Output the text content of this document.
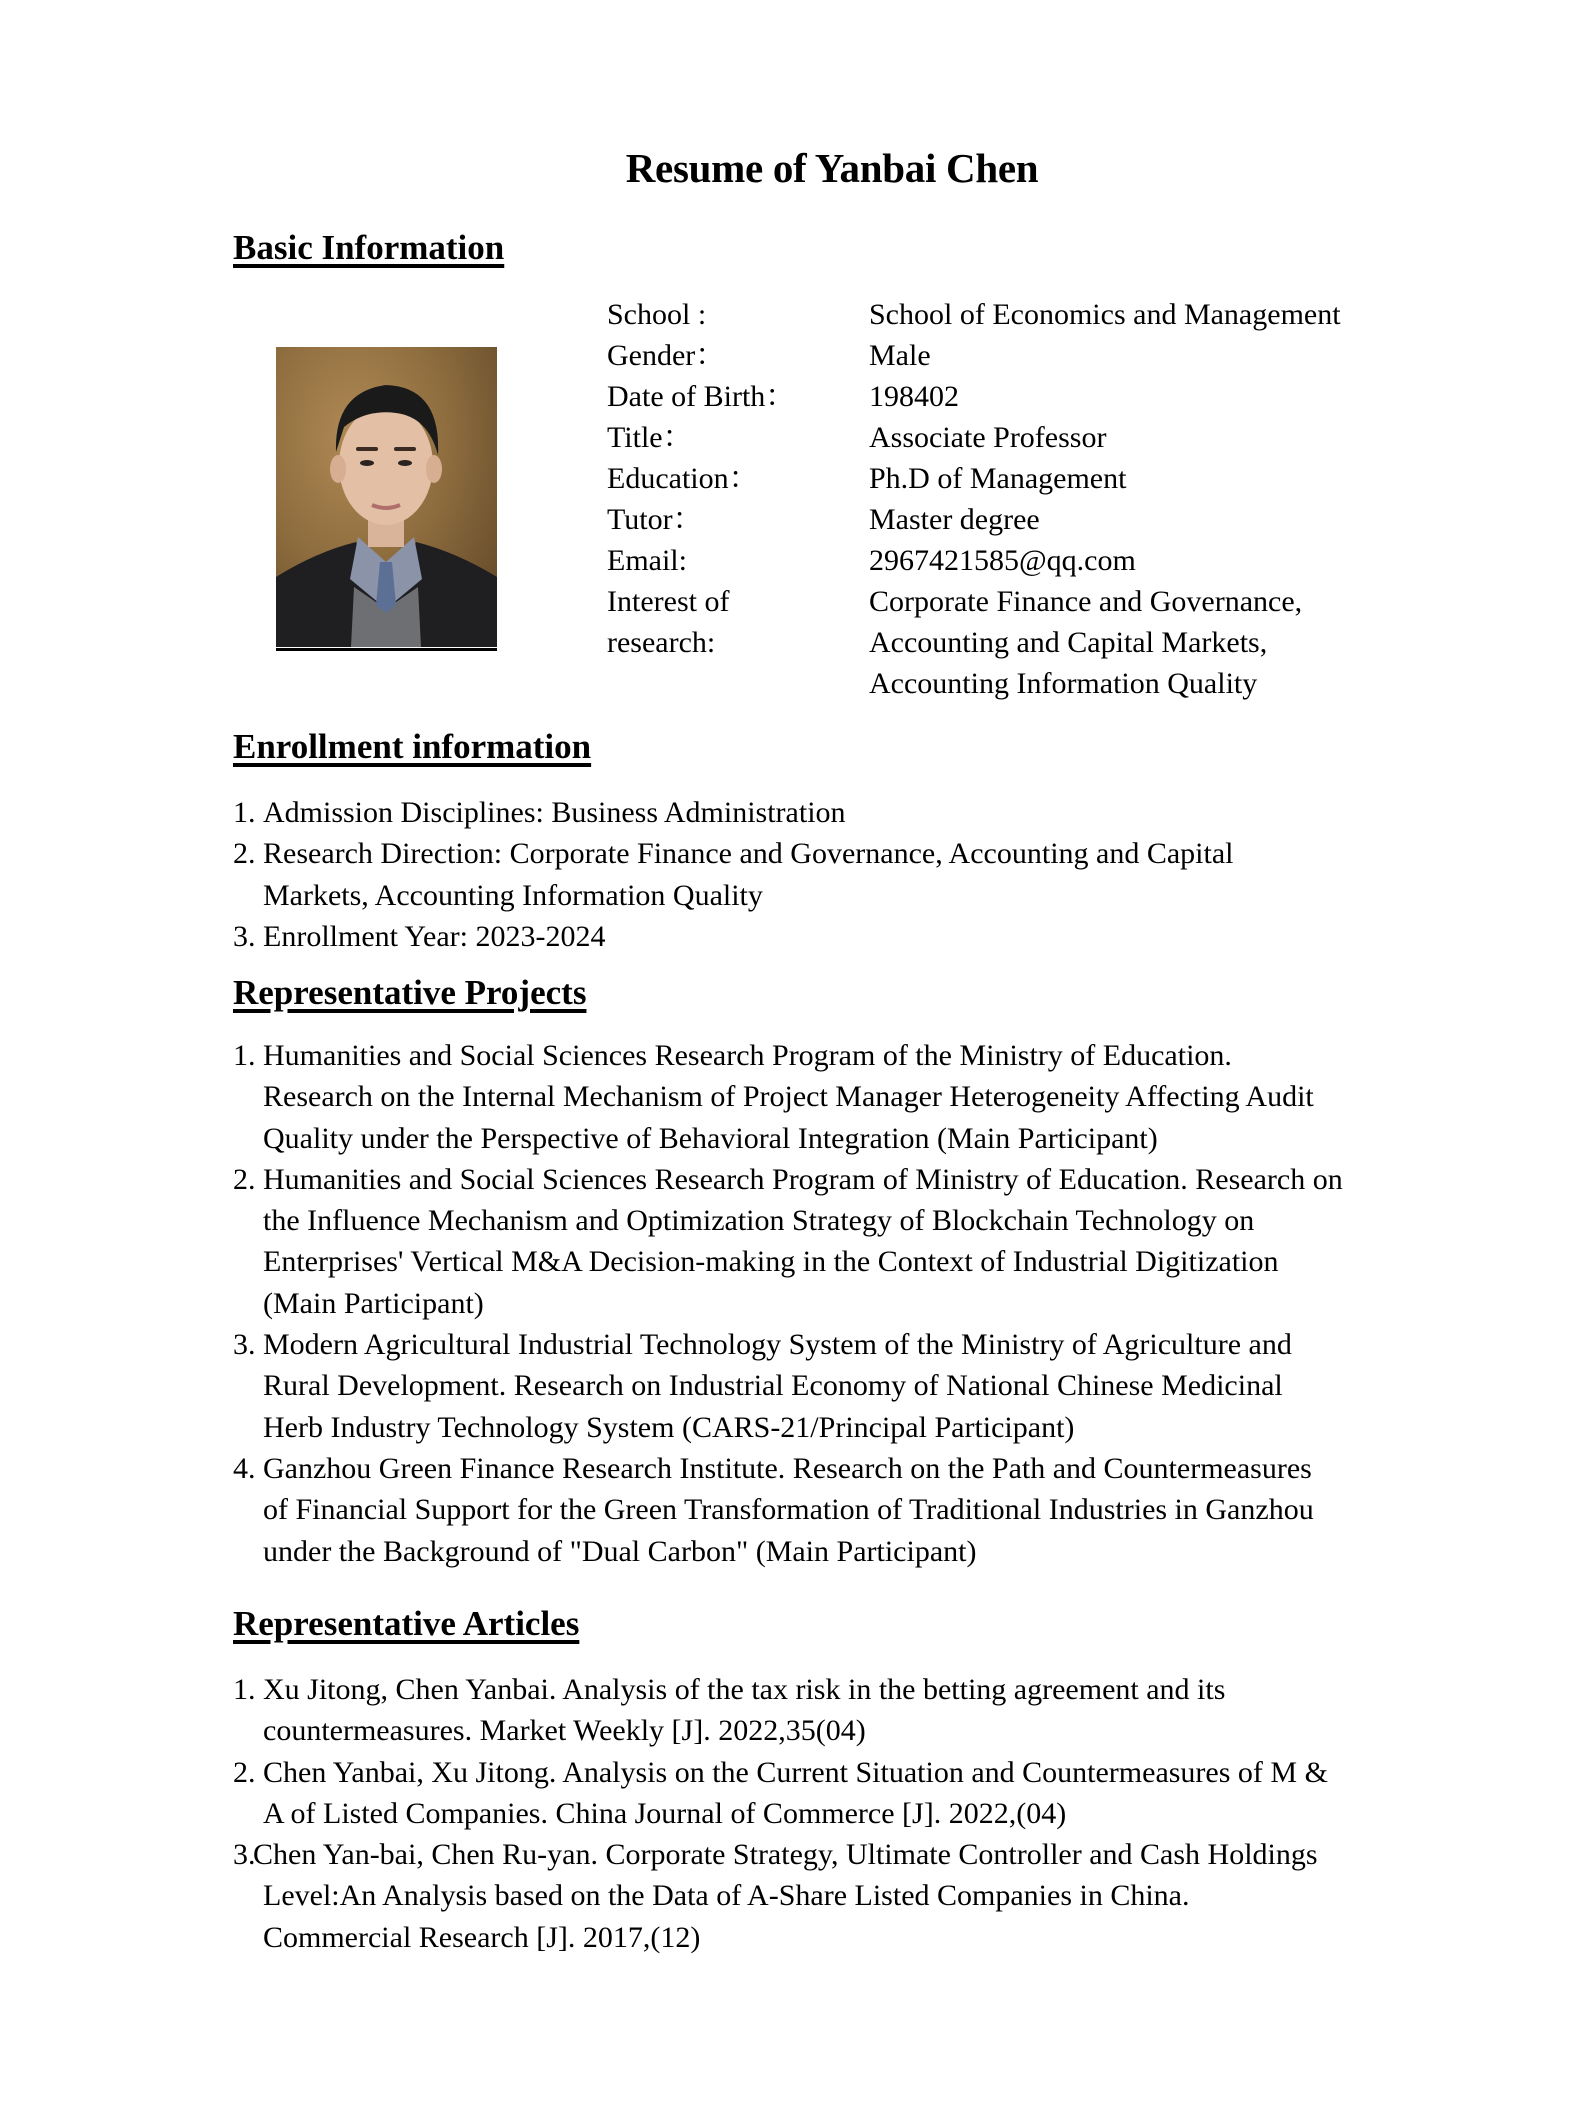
Resume of Yanbai Chen
Basic Information
School :	School of Economics and Management
Gender：	Male
Date of Birth：	198402
Title：	Associate Professor
Education：	Ph.D of Management
Tutor：	Master degree
Email:	2967421585@qq.com
Interest of
research:
Corporate Finance and Governance,
Accounting and Capital Markets,
Accounting Information Quality
Enrollment information
1. Admission Disciplines: Business Administration
2. Research Direction: Corporate Finance and Governance, Accounting and Capital Markets, Accounting Information Quality
3. Enrollment Year: 2023-2024
Representative Projects
1. Humanities and Social Sciences Research Program of the Ministry of Education. Research on the Internal Mechanism of Project Manager Heterogeneity Affecting Audit Quality under the Perspective of Behavioral Integration (Main Participant)
2. Humanities and Social Sciences Research Program of Ministry of Education. Research on the Influence Mechanism and Optimization Strategy of Blockchain Technology on Enterprises' Vertical M&A Decision-making in the Context of Industrial Digitization (Main Participant)
3. Modern Agricultural Industrial Technology System of the Ministry of Agriculture and Rural Development. Research on Industrial Economy of National Chinese Medicinal Herb Industry Technology System (CARS-21/Principal Participant)
4. Ganzhou Green Finance Research Institute. Research on the Path and Countermeasures of Financial Support for the Green Transformation of Traditional Industries in Ganzhou under the Background of "Dual Carbon" (Main Participant)
Representative Articles
1. Xu Jitong, Chen Yanbai. Analysis of the tax risk in the betting agreement and its countermeasures. Market Weekly [J]. 2022,35(04)
2. Chen Yanbai, Xu Jitong. Analysis on the Current Situation and Countermeasures of M & A of Listed Companies. China Journal of Commerce [J]. 2022,(04)
3.
Chen Yan-bai, Chen Ru-yan. Corporate Strategy, Ultimate Controller and Cash Holdings Level:An Analysis based on the Data of A-Share Listed Companies in China. Commercial Research [J]. 2017,(12)
